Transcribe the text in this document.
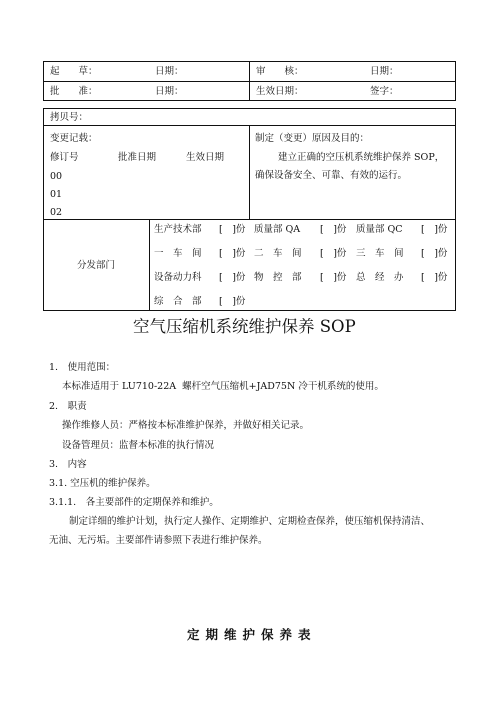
起　　草：	日期：	审　　核：	日期：
批　　准：	日期：	生效日期：	签字：
拷贝号：
变更记载：
修订号	批准日期	生效日期
00
01
02
制定（变更）原因及目的：
建立正确的空压机系统维护保养 SOP，
确保设备安全、可靠、有效的运行。
分发部门
生产技术部 [　]份 质量部 QA [　]份 质量部 QC [　]份
一　车　间 [　]份 二　车　间 [　]份 三　车　间 [　]份
设备动力科 [　]份 物　控　部 [　]份 总　经　办 [　]份
综　合　部 [　]份
空气压缩机系统维护保养 SOP
1.　使用范围：
本标准适用于 LU710-22A  螺杆空气压缩机+JAD75N 冷干机系统的使用。
2.　职责
操作维修人员：严格按本标准维护保养，并做好相关记录。
设备管理员：监督本标准的执行情况
3.　内容
3.1. 空压机的维护保养。
3.1.1.　各主要部件的定期保养和维护。
制定详细的维护计划，执行定人操作、定期维护、定期检查保养，使压缩机保持清洁、
无油、无污垢。主要部件请参照下表进行维护保养。
定期维护保养表
